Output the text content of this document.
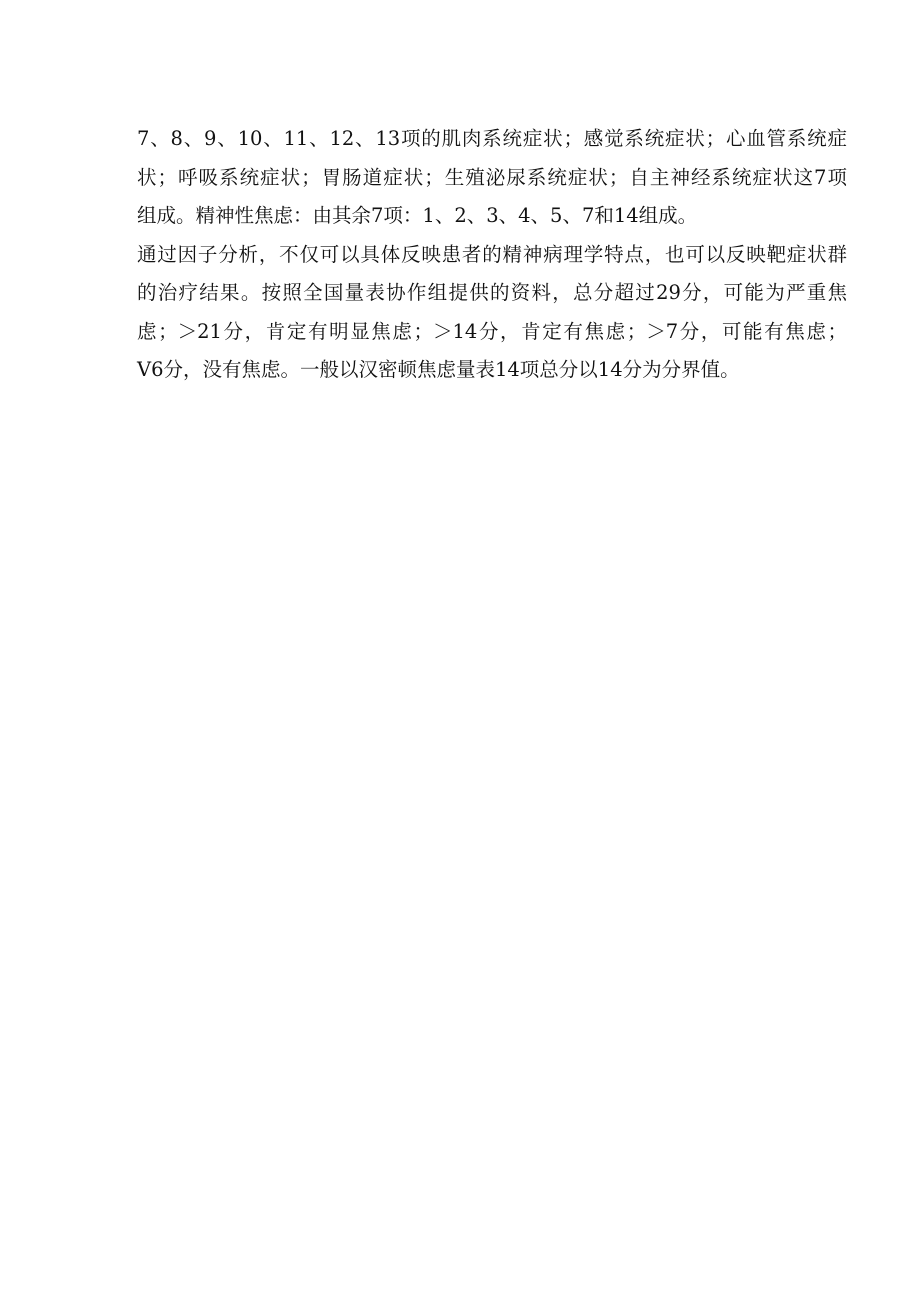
7、8、9、10、11、12、13项的肌肉系统症状；感觉系统症状；心血管系统症
状；呼吸系统症状；胃肠道症状；生殖泌尿系统症状；自主神经系统症状这7项
组成。精神性焦虑：由其余7项：1、2、3、4、5、7和14组成。
通过因子分析，不仅可以具体反映患者的精神病理学特点，也可以反映靶症状群
的治疗结果。按照全国量表协作组提供的资料，总分超过29分，可能为严重焦
虑；＞21分，肯定有明显焦虑；＞14分，肯定有焦虑；＞7分，可能有焦虑；
V6分，没有焦虑。一般以汉密顿焦虑量表14项总分以14分为分界值。
